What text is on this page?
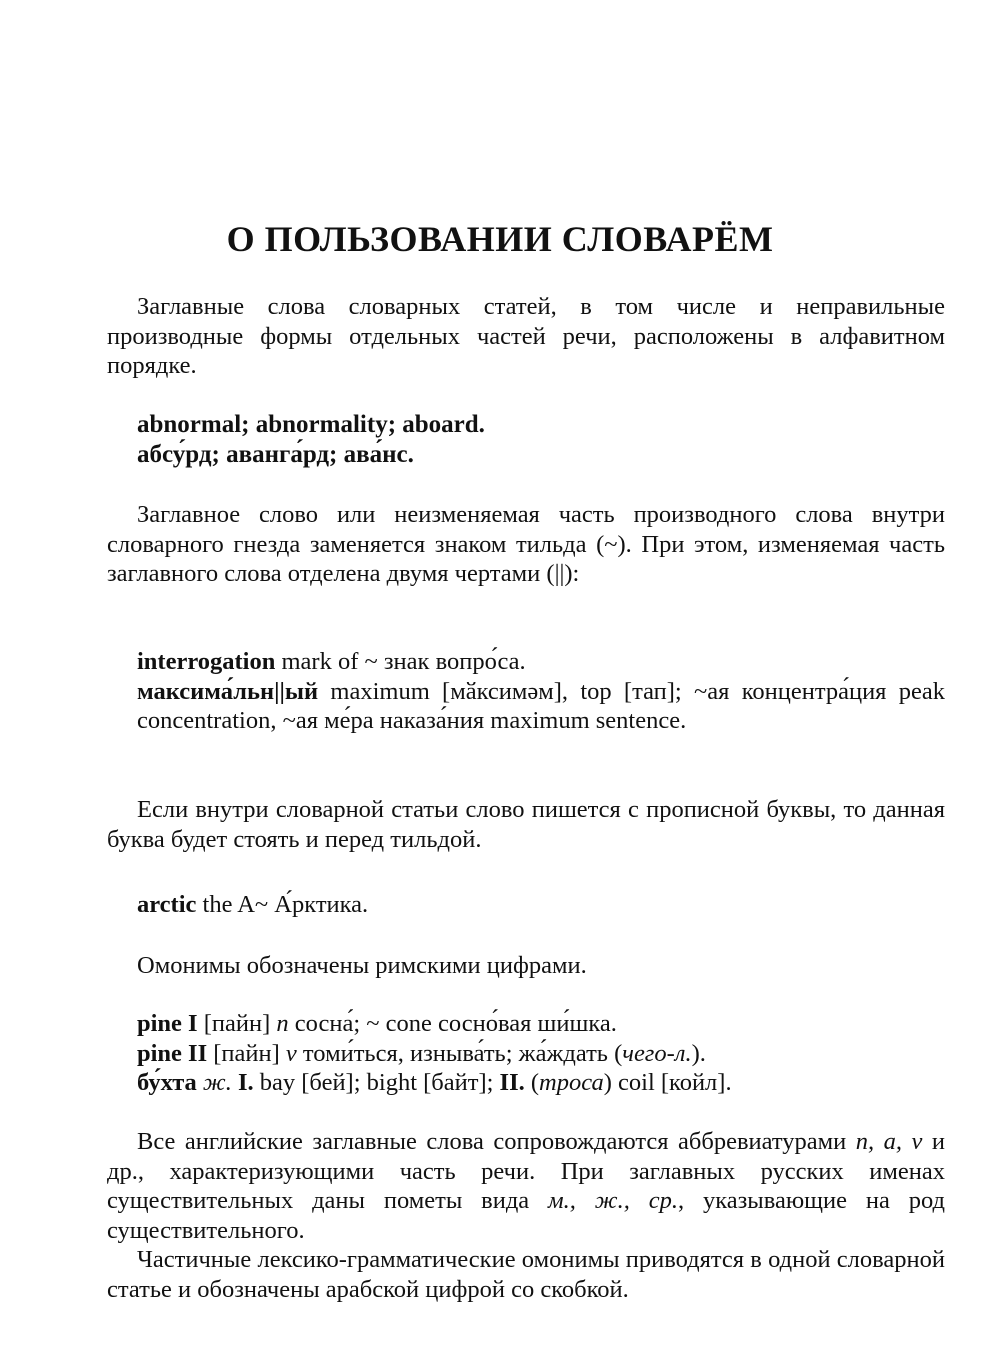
О ПОЛЬЗОВАНИИ СЛОВАРЁМ

Заглавные слова словарных статей, в том числе и неправильные производные формы отдельных частей речи, расположены в алфавитном порядке.

abnormal; abnormality; aboard.
абсу́рд; аванга́рд; ава́нс.

Заглавное слово или неизменяемая часть производного слова внутри словарного гнезда заменяется знаком тильда (~). При этом, изменяемая часть заглавного слова отделена двумя чертами (||):

interrogation mark of ~ знак вопро́са.
максима́льн||ый maximum [мӑксимәм], top [тап]; ~ая концентра́ция peak concentration, ~ая ме́ра наказа́ния maximum sentence.

Если внутри словарной статьи слово пишется с прописной буквы, то данная буква будет стоять и перед тильдой.

arctic the A~ А́рктика.

Омонимы обозначены римскими цифрами.

pine I [пайн] n сосна́; ~ cone сосно́вая ши́шка.
pine II [пайн] v томи́ться, изныва́ть; жа́ждать (чего-л.).
бу́хта ж. I. bay [бей]; bight [байт]; II. (троса) coil [койл].

Все английские заглавные слова сопровождаются аббревиатурами n, a, v и др., характеризующими часть речи. При заглавных русских именах существительных даны пометы вида м., ж., ср., указывающие на род существительного.

Частичные лексико-грамматические омонимы приводятся в одной словарной статье и обозначены арабской цифрой со скобкой.
